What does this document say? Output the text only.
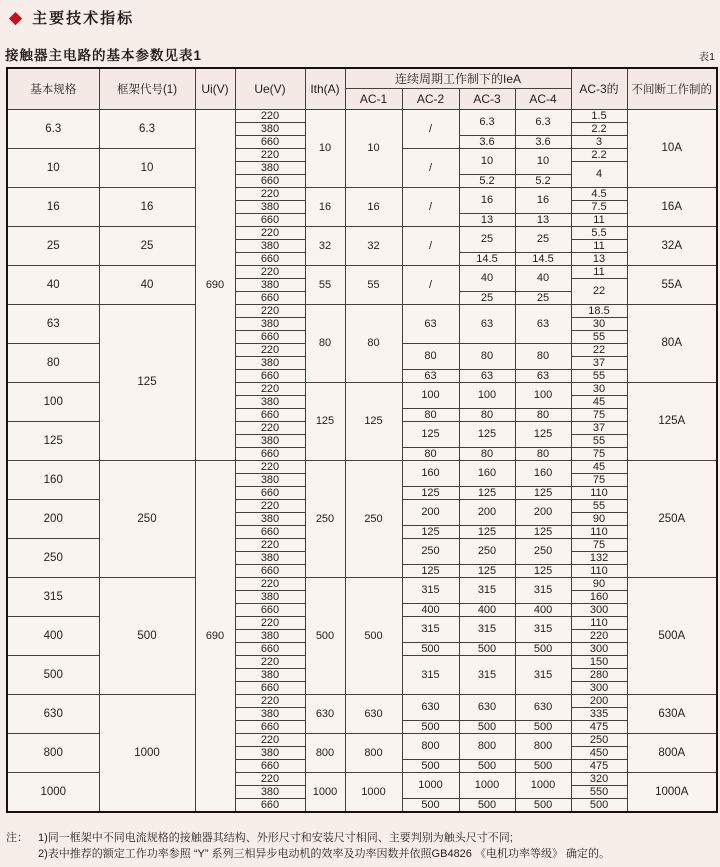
◆ 主要技术指标
接触器主电路的基本参数见表1	表1
基本规格	框架代号(1)	Ui(V)	Ue(V)	Ith(A)	连续周期工作制下的IeA				AC-3的	不间断工作制的
					AC-1	AC-2	AC-3	AC-4		
6.3	6.3	690	220	10	10	/	6.3	6.3	1.5	10A
			380						2.2	
			660				3.6	3.6	3	
10	10		220			/	10	10	2.2	
			380						4	
			660				5.2	5.2		
16	16		220	16	16	/	16	16	4.5	16A
			380						7.5	
			660				13	13	11	
25	25		220	32	32	/	25	25	5.5	32A
			380						11	
			660				14.5	14.5	13	
40	40		220	55	55	/	40	40	11	55A
			380						22	
			660				25	25		
63	125		220	80	80	63	63	63	18.5	80A
			380						30	
			660						55	
80			220			80	80	80	22	
			380						37	
			660			63	63	63	55	
100			220	125	125	100	100	100	30	125A
			380						45	
			660			80	80	80	75	
125			220			125	125	125	37	
			380						55	
			660			80	80	80	75	
160	250	690	220	250	250	160	160	160	45	250A
			380						75	
			660			125	125	125	110	
200			220			200	200	200	55	
			380						90	
			660			125	125	125	110	
250			220			250	250	250	75	
			380						132	
			660			125	125	125	110	
315	500		220	500	500	315	315	315	90	500A
			380						160	
			660			400	400	400	300	
400			220			315	315	315	110	
			380						220	
			660			500	500	500	300	
500			220			315	315	315	150	
			380						280	
			660						300	
630	1000		220	630	630	630	630	630	200	630A
			380						335	
			660			500	500	500	475	
800			220	800	800	800	800	800	250	800A
			380						450	
			660			500	500	500	475	
1000			220	1000	1000	1000	1000	1000	320	1000A
			380						550	
			660			500	500	500	500	
注： 1)同一框架中不同电流规格的接触器其结构、外形尺寸和安装尺寸相同、主要判别为触头尺寸不同;
2)表中推荐的额定工作功率参照 “Y” 系列三相异步电动机的效率及功率因数并依照GB4826 《电机功率等级》 确定的。
